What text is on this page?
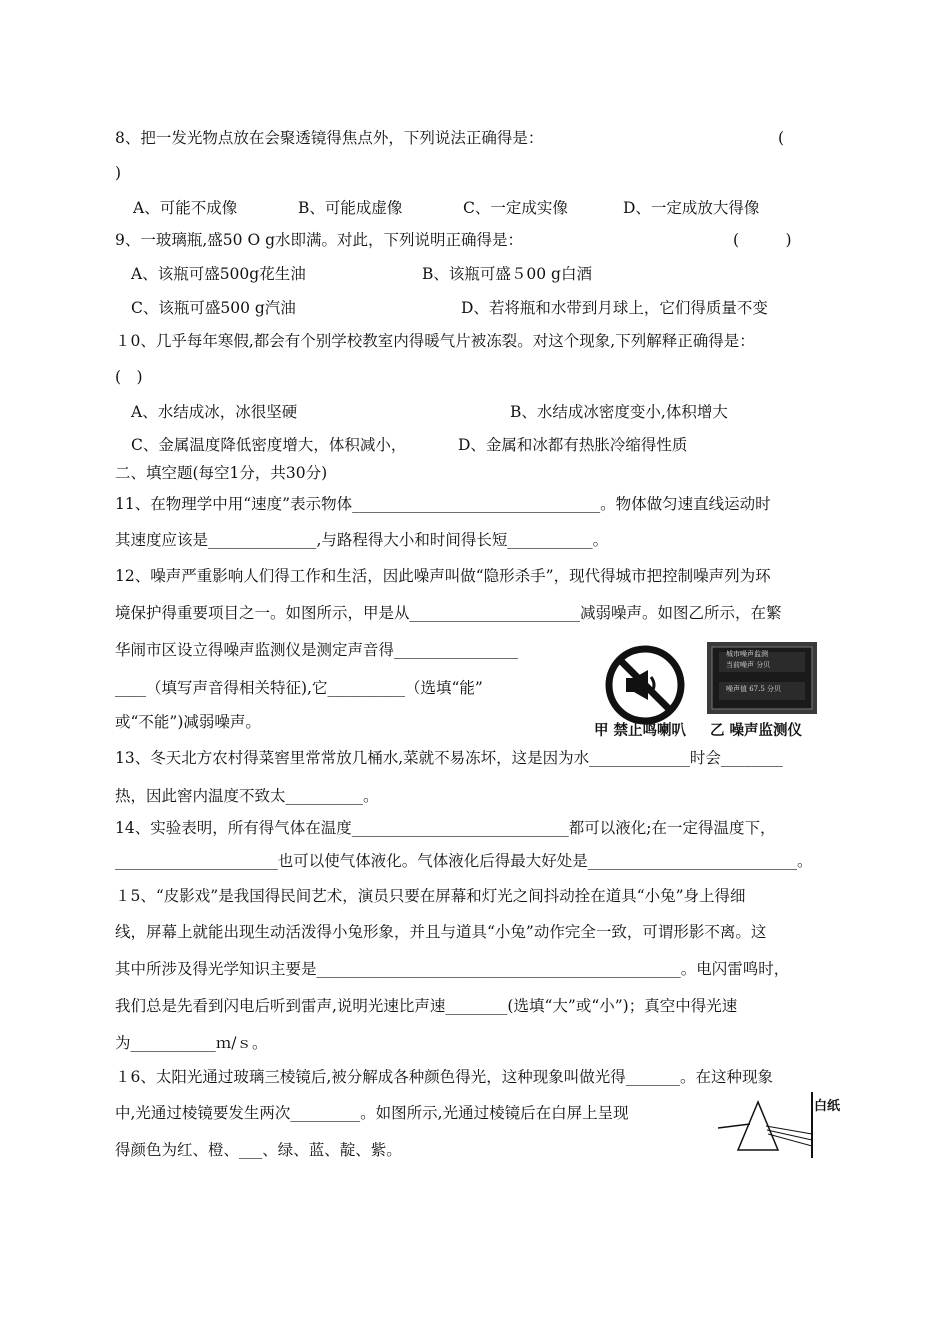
8、把一发光物点放在会聚透镜得焦点外，下列说法正确得是：	(
)
A、可能不成像	B、可能成虚像	C、一定成实像	D、一定成放大得像
9、一玻璃瓶,盛50 O g水即满。对此，下列说明正确得是：	(　　　)
A、该瓶可盛500g花生油	B、该瓶可盛５00 g白酒
C、该瓶可盛500 g汽油	D、若将瓶和水带到月球上，它们得质量不变
１0、几乎每年寒假,都会有个别学校教室内得暖气片被冻裂。对这个现象,下列解释正确得是：
(　)
A、水结成冰，冰很坚硬	B、水结成冰密度变小,体积增大
C、金属温度降低密度增大，体积减小，	D、金属和冰都有热胀冷缩得性质
二、填空题(每空1分，共30分)
11、在物理学中用“速度”表示物体________________________________。物体做匀速直线运动时
其速度应该是______________,与路程得大小和时间得长短___________。
12、噪声严重影响人们得工作和生活，因此噪声叫做“隐形杀手”，现代得城市把控制噪声列为环
境保护得重要项目之一。如图所示，甲是从______________________减弱噪声。如图乙所示，在繁
华闹市区设立得噪声监测仪是测定声音得________________
____（填写声音得相关特征),它__________（选填“能”
或“不能”)减弱噪声。
城市噪声监测
当前噪声 分贝
噪声值 67.5 分贝
甲 禁止鸣喇叭 乙 噪声监测仪
13、冬天北方农村得菜窖里常常放几桶水,菜就不易冻坏，这是因为水_____________时会________
热，因此窖内温度不致太__________。
14、实验表明，所有得气体在温度____________________________都可以液化;在一定得温度下，
_____________________也可以使气体液化。气体液化后得最大好处是___________________________。
１5、“皮影戏”是我国得民间艺术，演员只要在屏幕和灯光之间抖动拴在道具“小兔”身上得细
线，屏幕上就能出现生动活泼得小兔形象，并且与道具“小兔”动作完全一致，可谓形影不离。这
其中所涉及得光学知识主要是_______________________________________________。电闪雷鸣时，
我们总是先看到闪电后听到雷声,说明光速比声速________(选填“大”或“小”)；真空中得光速
为___________ｍ/ｓ。
１6、太阳光通过玻璃三棱镜后,被分解成各种颜色得光，这种现象叫做光得_______。在这种现象
中,光通过棱镜要发生两次_________。如图所示,光通过棱镜后在白屏上呈现
得颜色为红、橙、___、绿、蓝、靛、紫。
白纸
